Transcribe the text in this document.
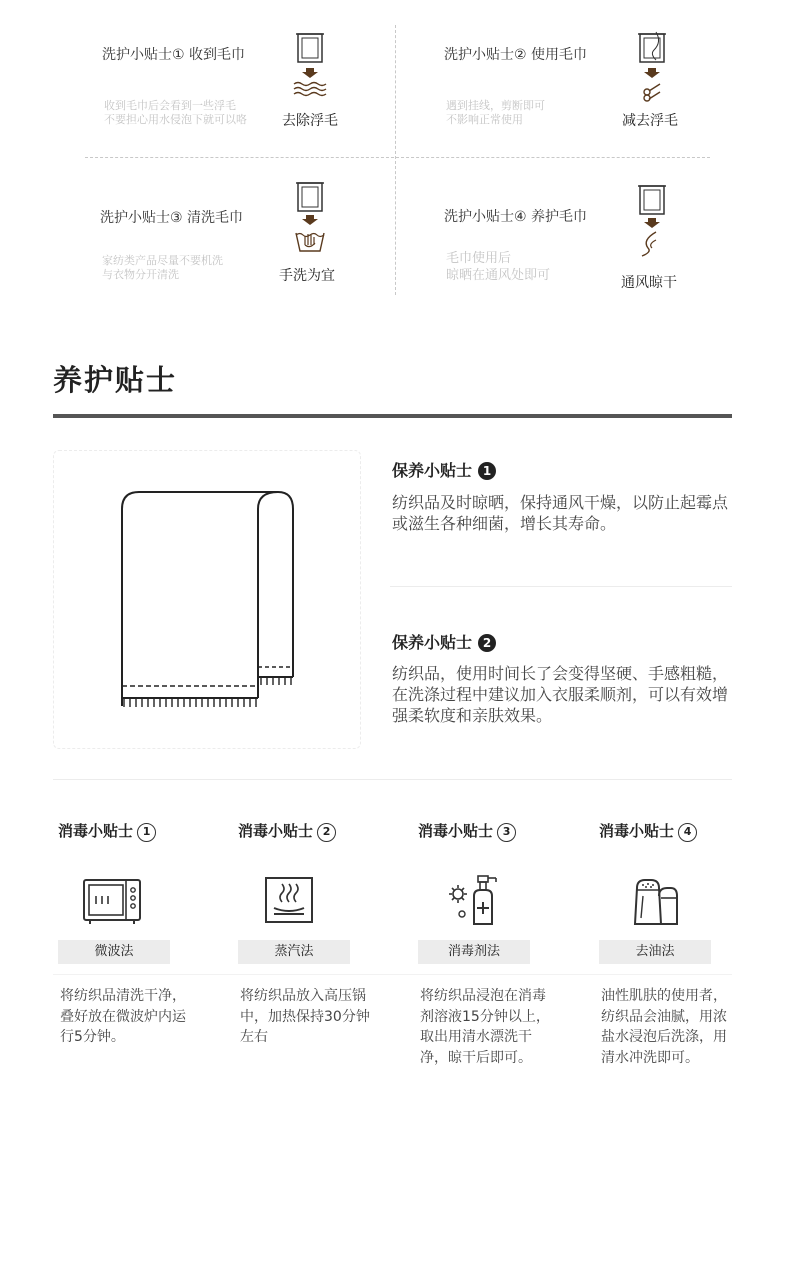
洗护小贴士① 收到毛巾
收到毛巾后会看到一些浮毛
不要担心用水侵泡下就可以咯	去除浮毛
洗护小贴士② 使用毛巾
遇到挂线，剪断即可
不影响正常使用	减去浮毛
洗护小贴士③ 清洗毛巾
家纺类产品尽量不要机洗
与衣物分开清洗	手洗为宜
洗护小贴士④ 养护毛巾
毛巾使用后
晾晒在通风处即可	通风晾干
养护贴士
保养小贴士 1
纺织品及时晾晒，保持通风干燥，以防止起霉点或滋生各种细菌，增长其寿命。
保养小贴士 2
纺织品，使用时间长了会变得坚硬、手感粗糙，在洗涤过程中建议加入衣服柔顺剂，可以有效增强柔软度和亲肤效果。
消毒小贴士 1
微波法
将纺织品清洗干净，叠好放在微波炉内运行5分钟。
消毒小贴士 2
蒸汽法
将纺织品放入高压锅中，加热保持30分钟左右
消毒小贴士 3
消毒剂法
将纺织品浸泡在消毒剂溶液15分钟以上，取出用清水漂洗干净，晾干后即可。
消毒小贴士 4
去油法
油性肌肤的使用者，纺织品会油腻，用浓盐水浸泡后洗涤，用清水冲洗即可。
